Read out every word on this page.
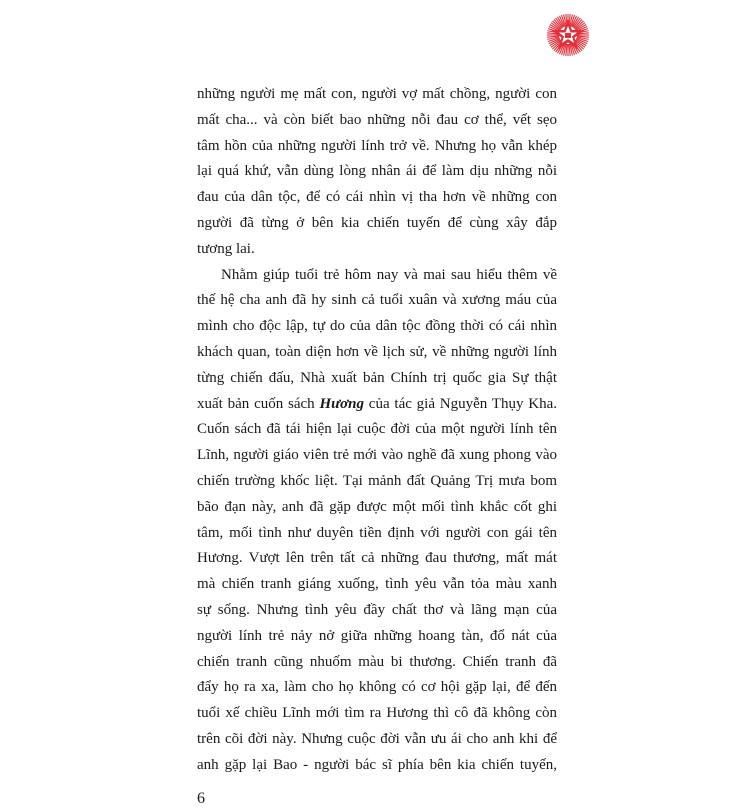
những người mẹ mất con, người vợ mất chồng, người con
mất cha... và còn biết bao những nỗi đau cơ thể, vết sẹo
tâm hồn của những người lính trở về. Nhưng họ vẫn khép
lại quá khứ, vẫn dùng lòng nhân ái để làm dịu những nỗi
đau của dân tộc, để có cái nhìn vị tha hơn về những con
người đã từng ở bên kia chiến tuyến để cùng xây đắp
tương lai.
Nhằm giúp tuổi trẻ hôm nay và mai sau hiểu thêm về
thế hệ cha anh đã hy sinh cả tuổi xuân và xương máu của
mình cho độc lập, tự do của dân tộc đồng thời có cái nhìn
khách quan, toàn diện hơn về lịch sử, về những người lính
từng chiến đấu, Nhà xuất bản Chính trị quốc gia Sự thật
xuất bản cuốn sách Hương của tác giả Nguyễn Thụy Kha.
Cuốn sách đã tái hiện lại cuộc đời của một người lính tên
Lĩnh, người giáo viên trẻ mới vào nghề đã xung phong vào
chiến trường khốc liệt. Tại mảnh đất Quảng Trị mưa bom
bão đạn này, anh đã gặp được một mối tình khắc cốt ghi
tâm, mối tình như duyên tiền định với người con gái tên
Hương. Vượt lên trên tất cả những đau thương, mất mát
mà chiến tranh giáng xuống, tình yêu vẫn tỏa màu xanh
sự sống. Nhưng tình yêu đầy chất thơ và lãng mạn của
người lính trẻ nảy nở giữa những hoang tàn, đổ nát của
chiến tranh cũng nhuốm màu bi thương. Chiến tranh đã
đẩy họ ra xa, làm cho họ không có cơ hội gặp lại, để đến
tuổi xế chiều Lĩnh mới tìm ra Hương thì cô đã không còn
trên cõi đời này. Nhưng cuộc đời vẫn ưu ái cho anh khi để
anh gặp lại Bao - người bác sĩ phía bên kia chiến tuyến,
6
